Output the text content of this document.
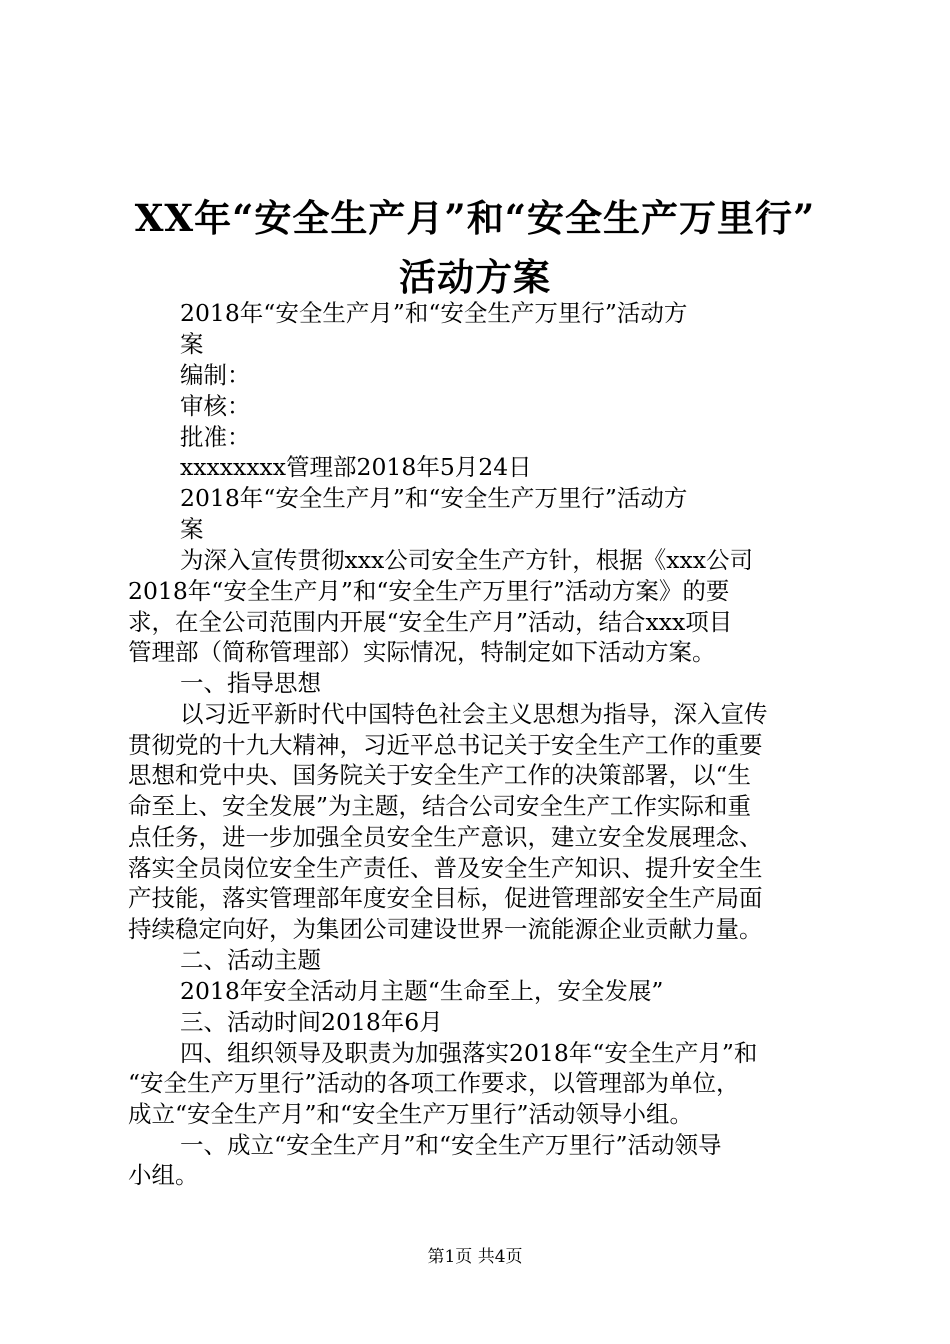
XX年“安全生产月”和“安全生产万里行”
活动方案
2018年“安全生产月”和“安全生产万里行”活动方
案
编制：
审核：
批准：
xxxxxxxx管理部2018年5月24日
2018年“安全生产月”和“安全生产万里行”活动方
案
为深入宣传贯彻xxx公司安全生产方针，根据《xxx公司
2018年“安全生产月”和“安全生产万里行”活动方案》的要
求，在全公司范围内开展“安全生产月”活动，结合xxx项目
管理部（简称管理部）实际情况，特制定如下活动方案。
一、指导思想
以习近平新时代中国特色社会主义思想为指导，深入宣传
贯彻党的十九大精神，习近平总书记关于安全生产工作的重要
思想和党中央、国务院关于安全生产工作的决策部署，以“生
命至上、安全发展”为主题，结合公司安全生产工作实际和重
点任务，进一步加强全员安全生产意识，建立安全发展理念、
落实全员岗位安全生产责任、普及安全生产知识、提升安全生
产技能，落实管理部年度安全目标，促进管理部安全生产局面
持续稳定向好，为集团公司建设世界一流能源企业贡献力量。
二、活动主题
2018年安全活动月主题“生命至上，安全发展”
三、活动时间2018年6月
四、组织领导及职责为加强落实2018年“安全生产月”和
“安全生产万里行”活动的各项工作要求，以管理部为单位，
成立“安全生产月”和“安全生产万里行”活动领导小组。
一、成立“安全生产月”和“安全生产万里行”活动领导
小组。
第1页 共4页
